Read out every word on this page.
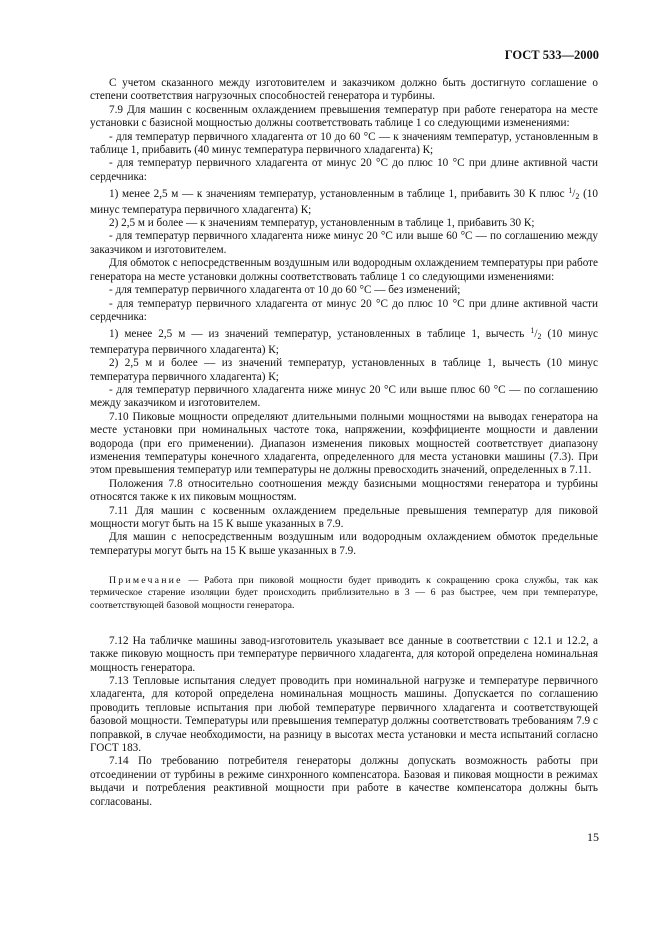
ГОСТ 533—2000

С учетом сказанного между изготовителем и заказчиком должно быть достигнуто соглашение о степени соответствия нагрузочных способностей генератора и турбины.

7.9 Для машин с косвенным охлаждением превышения температур при работе генератора на месте установки с базисной мощностью должны соответствовать таблице 1 со следующими изменениями:

- для температур первичного хладагента от 10 до 60 °С — к значениям температур, установленным в таблице 1, прибавить (40 минус температура первичного хладагента) К;

- для температур первичного хладагента от минус 20 °С до плюс 10 °С при длине активной части сердечника:

1) менее 2,5 м — к значениям температур, установленным в таблице 1, прибавить 30 К плюс $^1/_2$ (10 минус температура первичного хладагента) К;

2) 2,5 м и более — к значениям температур, установленным в таблице 1, прибавить 30 К;

- для температур первичного хладагента ниже минус 20 °С или выше 60 °С — по соглашению между заказчиком и изготовителем.

Для обмоток с непосредственным воздушным или водородным охлаждением температуры при работе генератора на месте установки должны соответствовать таблице 1 со следующими изменениями:

- для температур первичного хладагента от 10 до 60 °С — без изменений;

- для температур первичного хладагента от минус 20 °С до плюс 10 °С при длине активной части сердечника:

1) менее 2,5 м — из значений температур, установленных в таблице 1, вычесть $^1/_2$ (10 минус температура первичного хладагента) К;

2) 2,5 м и более — из значений температур, установленных в таблице 1, вычесть (10 минус температура первичного хладагента) К;

- для температур первичного хладагента ниже минус 20 °С или выше плюс 60 °С — по соглашению между заказчиком и изготовителем.

7.10 Пиковые мощности определяют длительными полными мощностями на выводах генератора на месте установки при номинальных частоте тока, напряжении, коэффициенте мощности и давлении водорода (при его применении). Диапазон изменения пиковых мощностей соответствует диапазону изменения температуры конечного хладагента, определенного для места установки машины (7.3). При этом превышения температур или температуры не должны превосходить значений, определенных в 7.11.

Положения 7.8 относительно соотношения между базисными мощностями генератора и турбины относятся также к их пиковым мощностям.

7.11 Для машин с косвенным охлаждением предельные превышения температур для пиковой мощности могут быть на 15 К выше указанных в 7.9.

Для машин с непосредственным воздушным или водородным охлаждением обмоток предельные температуры могут быть на 15 К выше указанных в 7.9.

Примечание — Работа при пиковой мощности будет приводить к сокращению срока службы, так как термическое старение изоляции будет происходить приблизительно в 3 — 6 раз быстрее, чем при температуре, соответствующей базовой мощности генератора.

7.12 На табличке машины завод-изготовитель указывает все данные в соответствии с 12.1 и 12.2, а также пиковую мощность при температуре первичного хладагента, для которой определена номинальная мощность генератора.

7.13 Тепловые испытания следует проводить при номинальной нагрузке и температуре первичного хладагента, для которой определена номинальная мощность машины. Допускается по соглашению проводить тепловые испытания при любой температуре первичного хладагента и соответствующей базовой мощности. Температуры или превышения температур должны соответствовать требованиям 7.9 с поправкой, в случае необходимости, на разницу в высотах места установки и места испытаний согласно ГОСТ 183.

7.14 По требованию потребителя генераторы должны допускать возможность работы при отсоединении от турбины в режиме синхронного компенсатора. Базовая и пиковая мощности в режимах выдачи и потребления реактивной мощности при работе в качестве компенсатора должны быть согласованы.

15
